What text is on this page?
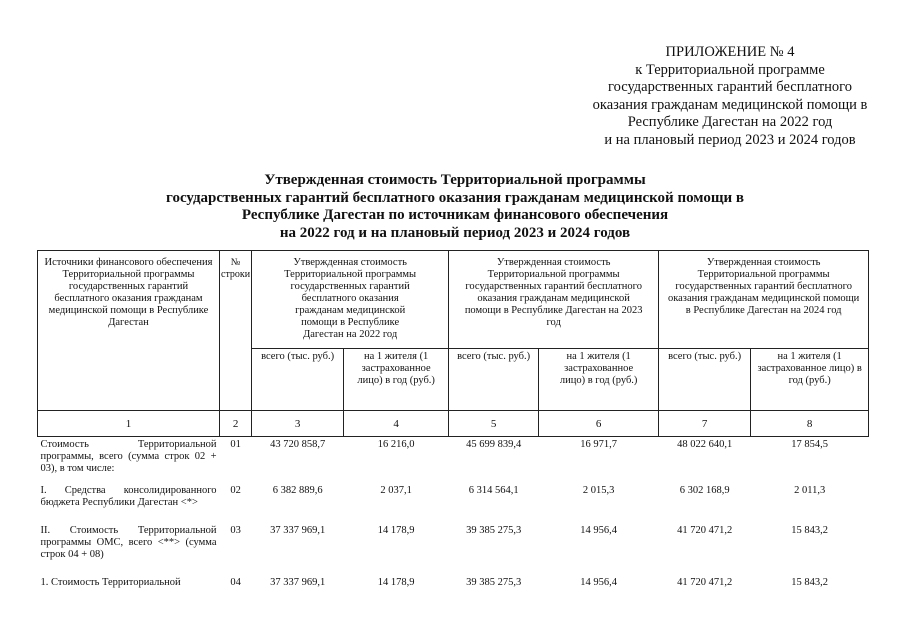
ПРИЛОЖЕНИЕ № 4
к Территориальной программе
государственных гарантий бесплатного
оказания гражданам медицинской помощи в
Республике Дагестан на 2022 год
и на плановый период 2023 и 2024 годов
Утвержденная стоимость Территориальной программы
государственных гарантий бесплатного оказания гражданам медицинской помощи в
Республике Дагестан по источникам финансового обеспечения
на 2022 год и на плановый период 2023 и 2024 годов
Источники финансового обеспечения Территориальной программы государственных гарантий бесплатного оказания гражданам медицинской помощи в Республике Дагестан	№ строки	Утвержденная стоимость Территориальной программы государственных гарантий бесплатного оказания гражданам медицинской помощи в Республике Дагестан на 2022 год		Утвержденная стоимость Территориальной программы государственных гарантий бесплатного оказания гражданам медицинской помощи в Республике Дагестан на 2023 год		Утвержденная стоимость Территориальной программы государственных гарантий бесплатного оказания гражданам медицинской помощи в Республике Дагестан на 2024 год	
		всего (тыс. руб.)	на 1 жителя (1 застрахованное лицо) в год (руб.)	всего (тыс. руб.)	на 1 жителя (1 застрахованное лицо) в год (руб.)	всего (тыс. руб.)	на 1 жителя (1 застрахованное лицо) в год (руб.)
1	2	3	4	5	6	7	8
Стоимость Территориальной программы, всего (сумма строк 02 + 03), в том числе:	01	43 720 858,7	16 216,0	45 699 839,4	16 971,7	48 022 640,1	17 854,5
I. Средства консолидированного бюджета Республики Дагестан <*>	02	6 382 889,6	2 037,1	6 314 564,1	2 015,3	6 302 168,9	2 011,3
II. Стоимость Территориальной программы ОМС, всего <**> (сумма строк 04 + 08)	03	37 337 969,1	14 178,9	39 385 275,3	14 956,4	41 720 471,2	15 843,2
1. Стоимость Территориальной	04	37 337 969,1	14 178,9	39 385 275,3	14 956,4	41 720 471,2	15 843,2
